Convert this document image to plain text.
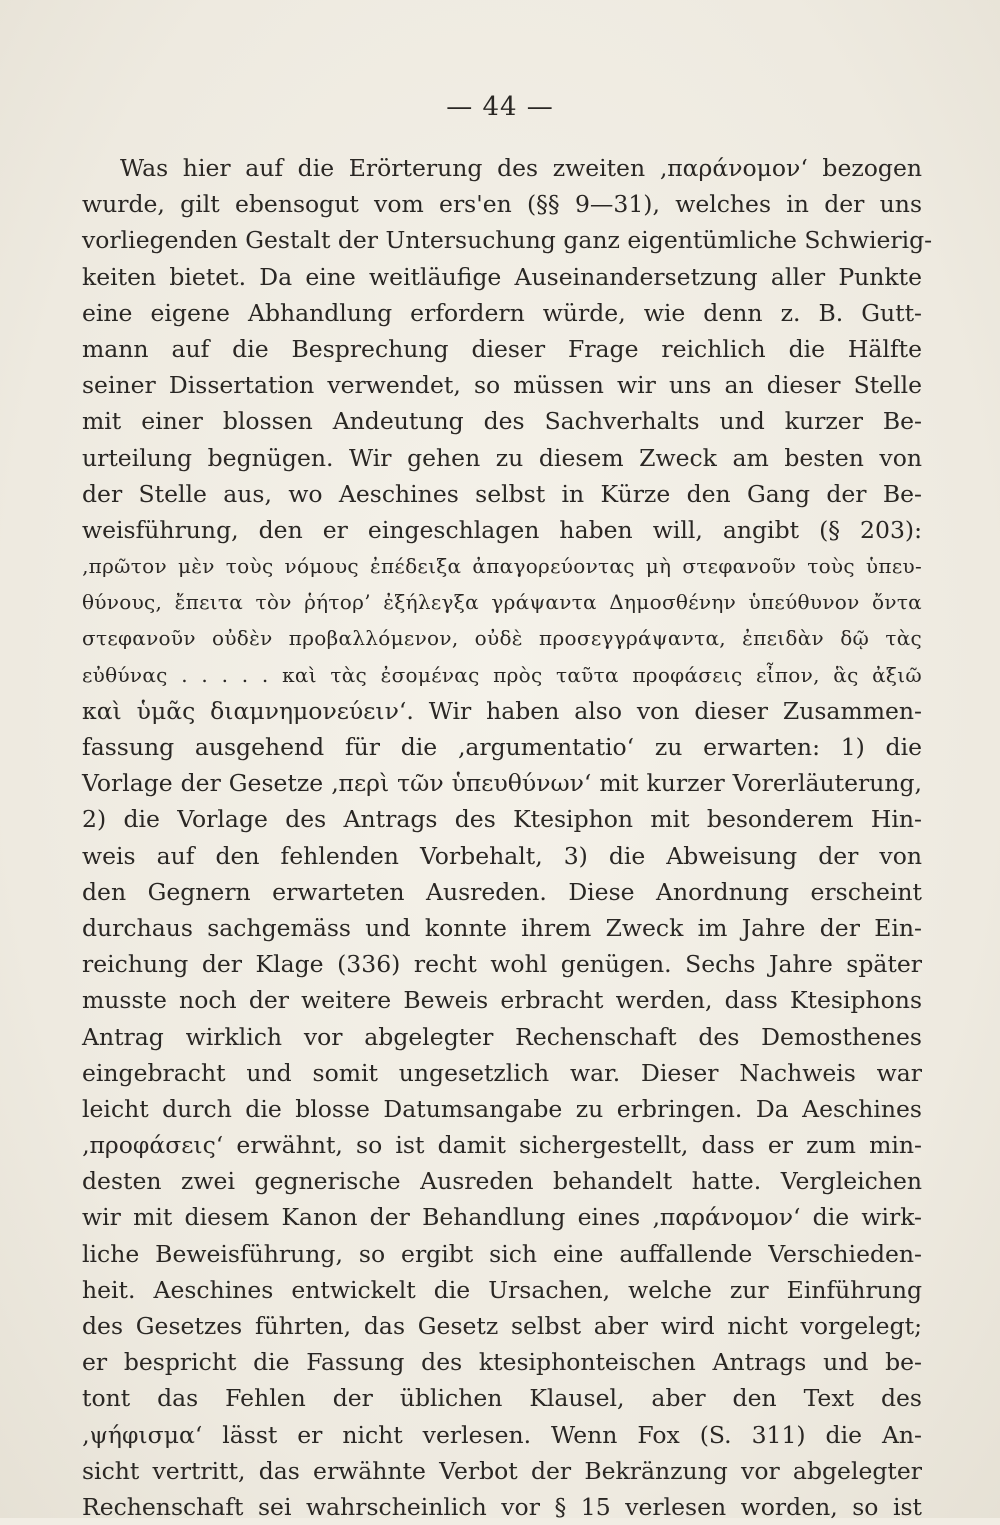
— 44 —
Was hier auf die Erörterung des zweiten ‚παράνομον‘ bezogen
wurde, gilt ebensogut vom ers'en (§§ 9—31), welches in der uns
vorliegenden Gestalt der Untersuchung ganz eigentümliche Schwierig-
keiten bietet. Da eine weitläufige Auseinandersetzung aller Punkte
eine eigene Abhandlung erfordern würde, wie denn z. B. Gutt-
mann auf die Besprechung dieser Frage reichlich die Hälfte
seiner Dissertation verwendet, so müssen wir uns an dieser Stelle
mit einer blossen Andeutung des Sachverhalts und kurzer Be-
urteilung begnügen. Wir gehen zu diesem Zweck am besten von
der Stelle aus, wo Aeschines selbst in Kürze den Gang der Be-
weisführung, den er eingeschlagen haben will, angibt (§ 203):
‚πρῶτον μὲν τοὺς νόμους ἐπέδειξα ἀπαγορεύοντας μὴ στεφανοῦν τοὺς ὑπευ-
θύνους, ἔπειτα τὸν ῥήτορ’ ἐξήλεγξα γράψαντα Δημοσθένην ὑπεύθυνον ὄντα
στεφανοῦν οὐδὲν προβαλλόμενον, οὐδὲ προσεγγράψαντα, ἐπειδὰν δῷ τὰς
εὐθύνας . . . . . καὶ τὰς ἐσομένας πρὸς ταῦτα προφάσεις εἶπον, ἃς ἀξιῶ
καὶ ὑμᾶς διαμνημονεύειν‘. Wir haben also von dieser Zusammen-
fassung ausgehend für die ‚argumentatio‘ zu erwarten: 1) die
Vorlage der Gesetze ‚περὶ τῶν ὑπευθύνων‘ mit kurzer Vorerläuterung,
2) die Vorlage des Antrags des Ktesiphon mit besonderem Hin-
weis auf den fehlenden Vorbehalt, 3) die Abweisung der von
den Gegnern erwarteten Ausreden. Diese Anordnung erscheint
durchaus sachgemäss und konnte ihrem Zweck im Jahre der Ein-
reichung der Klage (336) recht wohl genügen. Sechs Jahre später
musste noch der weitere Beweis erbracht werden, dass Ktesiphons
Antrag wirklich vor abgelegter Rechenschaft des Demosthenes
eingebracht und somit ungesetzlich war. Dieser Nachweis war
leicht durch die blosse Datumsangabe zu erbringen. Da Aeschines
‚προφάσεις‘ erwähnt, so ist damit sichergestellt, dass er zum min-
desten zwei gegnerische Ausreden behandelt hatte. Vergleichen
wir mit diesem Kanon der Behandlung eines ‚παράνομον‘ die wirk-
liche Beweisführung, so ergibt sich eine auffallende Verschieden-
heit. Aeschines entwickelt die Ursachen, welche zur Einführung
des Gesetzes führten, das Gesetz selbst aber wird nicht vorgelegt;
er bespricht die Fassung des ktesiphonteischen Antrags und be-
tont das Fehlen der üblichen Klausel, aber den Text des
‚ψήφισμα‘ lässt er nicht verlesen. Wenn Fox (S. 311) die An-
sicht vertritt, das erwähnte Verbot der Bekränzung vor abgelegter
Rechenschaft sei wahrscheinlich vor § 15 verlesen worden, so ist
